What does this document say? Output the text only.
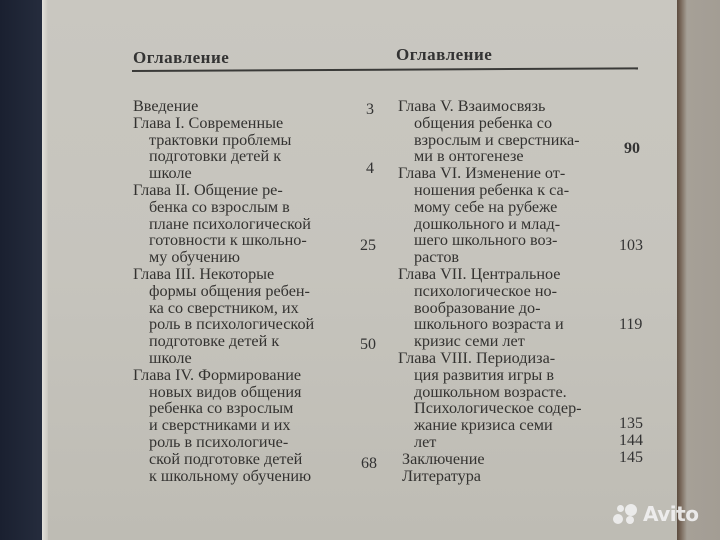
Оглавление	Оглавление
Введение
Глава I. Современные
трактовки проблемы
подготовки детей к
школе
Глава II. Общение ре-
бенка со взрослым в
плане психологической
готовности к школьно-
му обучению
Глава III. Некоторые
формы общения ребен-
ка со сверстником, их
роль в психологической
подготовке детей к
школе
Глава IV. Формирование
новых видов общения
ребенка со взрослым
и сверстниками и их
роль в психологиче-
ской подготовке детей
к школьному обучению
3
4
25
50
68
Глава V. Взаимосвязь
общения ребенка со
взрослым и сверстника-
ми в онтогенезе
Глава VI. Изменение от-
ношения ребенка к са-
мому себе на рубеже
дошкольного и млад-
шего школьного воз-
растов
Глава VII. Центральное
психологическое но-
вообразование до-
школьного возраста и
кризис семи лет
Глава VIII. Периодиза-
ция развития игры в
дошкольном возрасте.
Психологическое содер-
жание кризиса семи
лет
Заключение
Литература
90
103
119
135
144
145
Avito
